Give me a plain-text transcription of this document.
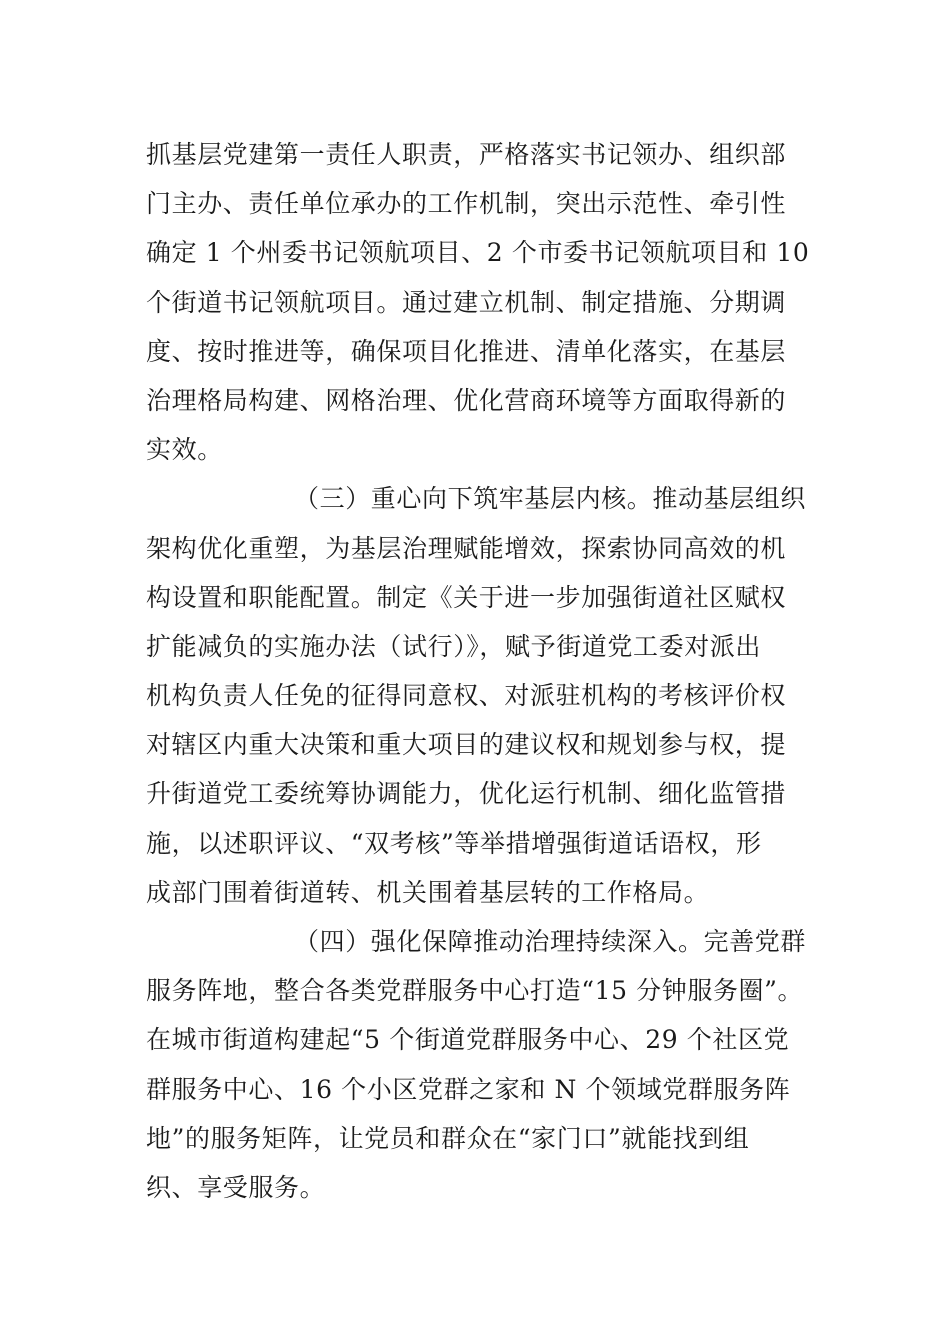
抓基层党建第一责任人职责，严格落实书记领办、组织部
门主办、责任单位承办的工作机制，突出示范性、牵引性
确定 1 个州委书记领航项目、2 个市委书记领航项目和 10
个街道书记领航项目。通过建立机制、制定措施、分期调
度、按时推进等，确保项目化推进、清单化落实，在基层
治理格局构建、网格治理、优化营商环境等方面取得新的
实效。
（三）重心向下筑牢基层内核。推动基层组织
架构优化重塑，为基层治理赋能增效，探索协同高效的机
构设置和职能配置。制定《关于进一步加强街道社区赋权
扩能减负的实施办法（试行）》，赋予街道党工委对派出
机构负责人任免的征得同意权、对派驻机构的考核评价权
对辖区内重大决策和重大项目的建议权和规划参与权，提
升街道党工委统筹协调能力，优化运行机制、细化监管措
施，以述职评议、“双考核”等举措增强街道话语权，形
成部门围着街道转、机关围着基层转的工作格局。
（四）强化保障推动治理持续深入。完善党群
服务阵地，整合各类党群服务中心打造“15 分钟服务圈”。
在城市街道构建起“5 个街道党群服务中心、29 个社区党
群服务中心、16 个小区党群之家和 N 个领域党群服务阵
地”的服务矩阵，让党员和群众在“家门口”就能找到组
织、享受服务。
